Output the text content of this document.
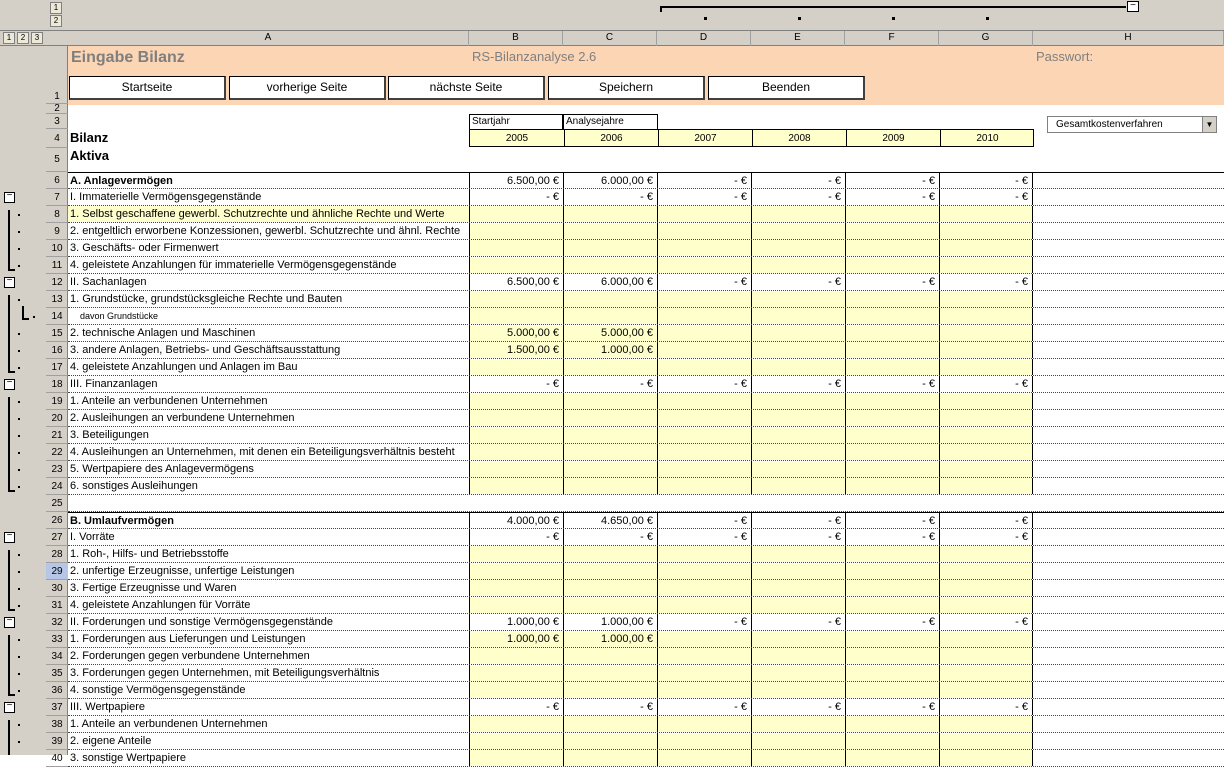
1
2
−
1	2	3	A	B	C	D	E	F	G	H
1
2
3
4
5
6
7
8
9
10
11
12
13
14
15
16
17
18
19
20
21
22
23
24
25
26
27
28
29
30
31
32
33
34
35
36
37
38
39
40
−
−
−
−
−
−
Eingabe Bilanz	RS-Bilanzanalyse 2.6	Passwort:
Startseite	vorherige Seite	nächste Seite	Speichern	Beenden
Startjahr	Analysejahre
Bilanz	2005	2006	2007	2008	2009	2010
Aktiva
Gesamtkostenverfahren	▼
A. Anlagevermögen	6.500,00 €	6.000,00 €	- €	- €	- €	- €
I. Immaterielle Vermögensgegenstände	- €	- €	- €	- €	- €	- €
1. Selbst geschaffene gewerbl. Schutzrechte und ähnliche Rechte und Werte
2. entgeltlich erworbene Konzessionen, gewerbl. Schutzrechte und ähnl. Rechte
3. Geschäfts- oder Firmenwert
4. geleistete Anzahlungen für immaterielle Vermögensgegenstände
II. Sachanlagen	6.500,00 €	6.000,00 €	- €	- €	- €	- €
1. Grundstücke, grundstücksgleiche Rechte und Bauten
davon Grundstücke
2. technische Anlagen und Maschinen	5.000,00 €	5.000,00 €
3. andere Anlagen, Betriebs- und Geschäftsausstattung	1.500,00 €	1.000,00 €
4. geleistete Anzahlungen und Anlagen im Bau
III. Finanzanlagen	- €	- €	- €	- €	- €	- €
1. Anteile an verbundenen Unternehmen
2. Ausleihungen an verbundene Unternehmen
3. Beteiligungen
4. Ausleihungen an Unternehmen, mit denen ein Beteiligungsverhältnis besteht
5. Wertpapiere des Anlagevermögens
6. sonstiges Ausleihungen
B. Umlaufvermögen	4.000,00 €	4.650,00 €	- €	- €	- €	- €
I. Vorräte	- €	- €	- €	- €	- €	- €
1. Roh-, Hilfs- und Betriebsstoffe
2. unfertige Erzeugnisse, unfertige Leistungen
3. Fertige Erzeugnisse und Waren
4. geleistete Anzahlungen für Vorräte
II. Forderungen und sonstige Vermögensgegenstände	1.000,00 €	1.000,00 €	- €	- €	- €	- €
1. Forderungen aus Lieferungen und Leistungen	1.000,00 €	1.000,00 €
2. Forderungen gegen verbundene Unternehmen
3. Forderungen gegen Unternehmen, mit Beteiligungsverhältnis
4. sonstige Vermögensgegenstände
III. Wertpapiere	- €	- €	- €	- €	- €	- €
1. Anteile an verbundenen Unternehmen
2. eigene Anteile
3. sonstige Wertpapiere
